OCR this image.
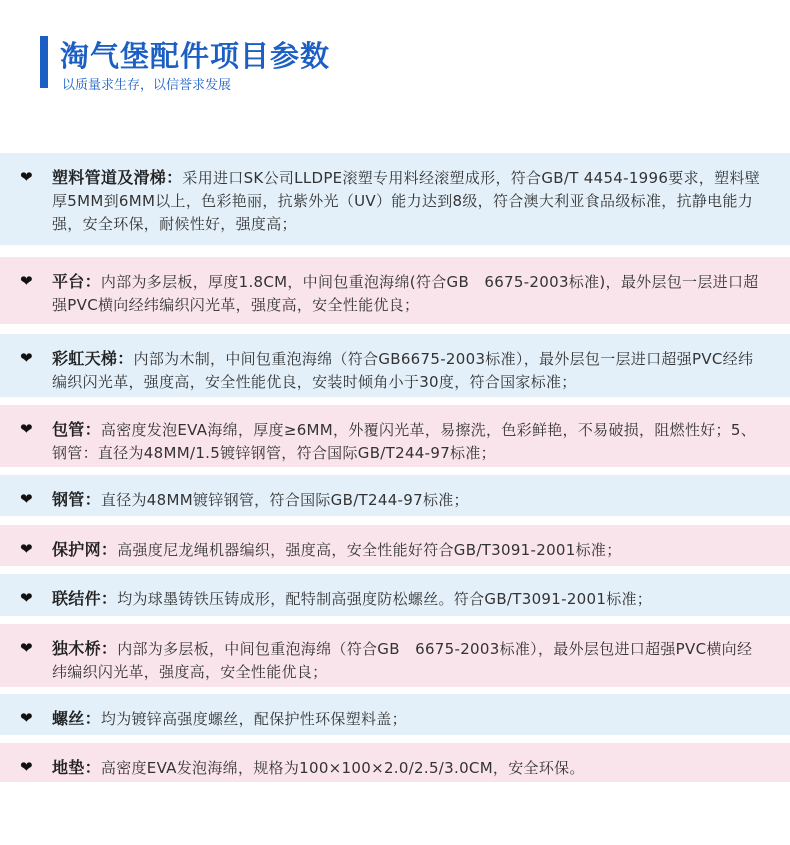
淘气堡配件项目参数
以质量求生存，以信誉求发展
❤ 塑料管道及滑梯：采用进口SK公司LLDPE滚塑专用料经滚塑成形，符合GB/T 4454-1996要求，塑料壁厚5MM到6MM以上，色彩艳丽，抗紫外光（UV）能力达到8级，符合澳大利亚食品级标准，抗静电能力强，安全环保，耐候性好，强度高；
❤ 平台：内部为多层板，厚度1.8CM，中间包重泡海绵(符合GB　6675-2003标准)，最外层包一层进口超强PVC横向经纬编织闪光革，强度高，安全性能优良；
❤ 彩虹天梯：内部为木制，中间包重泡海绵（符合GB6675-2003标准），最外层包一层进口超强PVC经纬编织闪光革，强度高，安全性能优良，安装时倾角小于30度，符合国家标准；
❤ 包管：高密度发泡EVA海绵，厚度≥6MM，外覆闪光革，易擦洗，色彩鲜艳，不易破损，阻燃性好；5、钢管：直径为48MM/1.5镀锌钢管，符合国际GB/T244-97标准；
❤ 钢管：直径为48MM镀锌钢管，符合国际GB/T244-97标准；
❤ 保护网：高强度尼龙绳机器编织，强度高，安全性能好符合GB/T3091-2001标准；
❤ 联结件：均为球墨铸铁压铸成形，配特制高强度防松螺丝。符合GB/T3091-2001标准；
❤ 独木桥：内部为多层板，中间包重泡海绵（符合GB　6675-2003标准），最外层包进口超强PVC横向经纬编织闪光革，强度高，安全性能优良；
❤ 螺丝：均为镀锌高强度螺丝，配保护性环保塑料盖；
❤ 地垫：高密度EVA发泡海绵，规格为100×100×2.0/2.5/3.0CM，安全环保。
